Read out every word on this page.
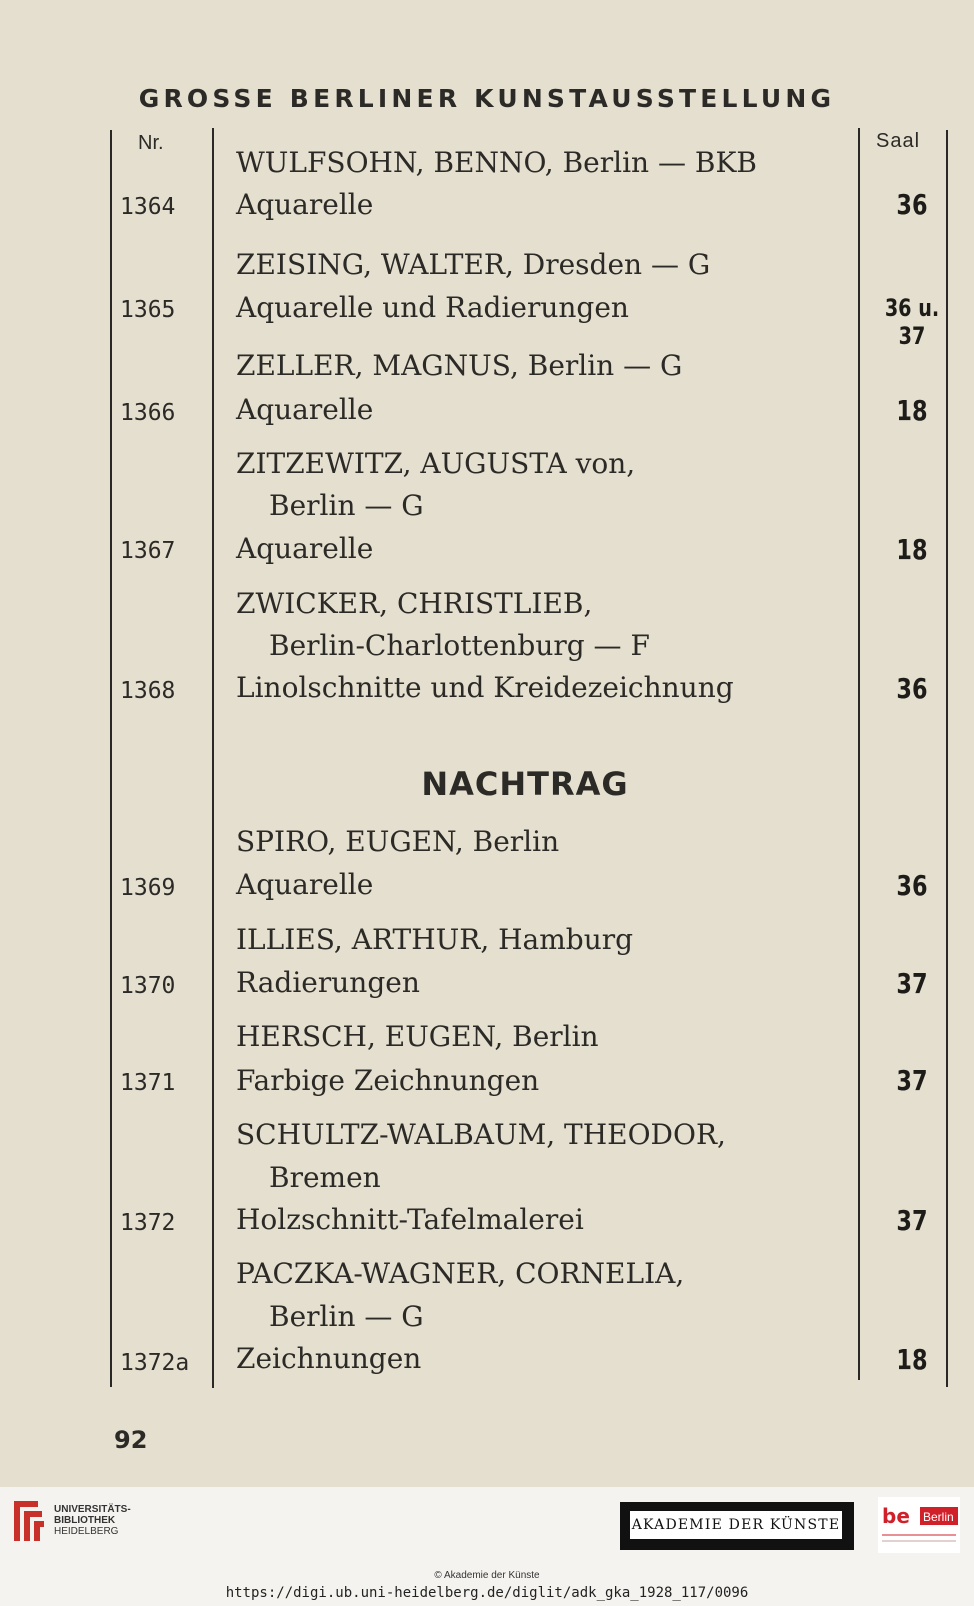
GROSSE BERLINER KUNSTAUSSTELLUNG
Nr.	Saal
WULFSOHN, BENNO, Berlin — BKB
1364 Aquarelle	36
ZEISING, WALTER, Dresden — G
1365 Aquarelle und Radierungen	36 u. 37
ZELLER, MAGNUS, Berlin — G
1366 Aquarelle	18
ZITZEWITZ, AUGUSTA von,
Berlin — G
1367 Aquarelle	18
ZWICKER, CHRISTLIEB,
Berlin-Charlottenburg — F
1368 Linolschnitte und Kreidezeichnung	36
NACHTRAG
SPIRO, EUGEN, Berlin
1369 Aquarelle	36
ILLIES, ARTHUR, Hamburg
1370 Radierungen	37
HERSCH, EUGEN, Berlin
1371 Farbige Zeichnungen	37
SCHULTZ-WALBAUM, THEODOR,
Bremen
1372 Holzschnitt-Tafelmalerei	37
PACZKA-WAGNER, CORNELIA,
Berlin — G
1372a Zeichnungen	18
92
UNIVERSITÄTS-
BIBLIOTHEK
HEIDELBERG	AKADEMIE DER KÜNSTE be Berlin
© Akademie der Künste
https://digi.ub.uni-heidelberg.de/diglit/adk_gka_1928_117/0096
